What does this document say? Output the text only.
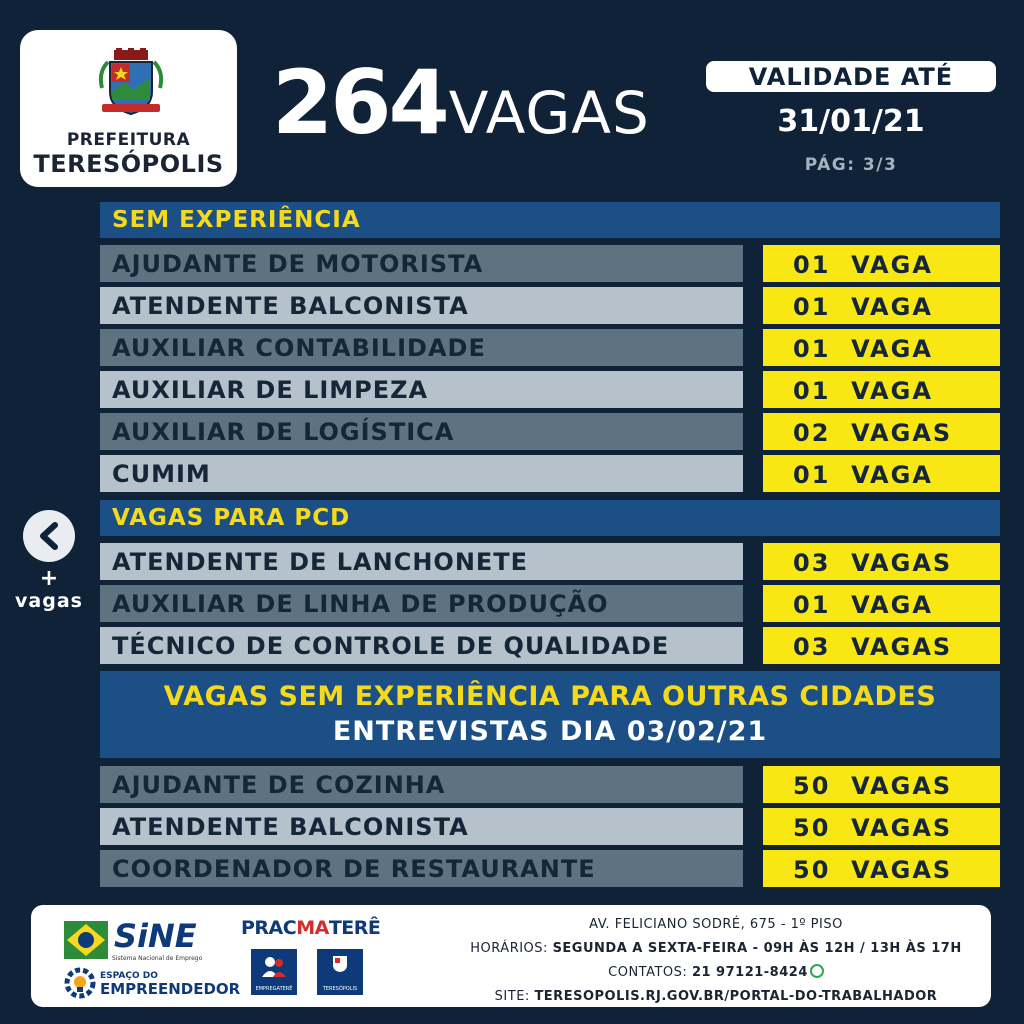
PREFEITURA
TERESÓPOLIS
264VAGAS
VALIDADE ATÉ
31/01/21
PÁG: 3/3
SEM EXPERIÊNCIA
AJUDANTE DE MOTORISTA	01  VAGA
ATENDENTE BALCONISTA	01  VAGA
AUXILIAR CONTABILIDADE	01  VAGA
AUXILIAR DE LIMPEZA	01  VAGA
AUXILIAR DE LOGÍSTICA	02  VAGAS
CUMIM	01  VAGA
VAGAS PARA PCD
ATENDENTE DE LANCHONETE	03  VAGAS
AUXILIAR DE LINHA DE PRODUÇÃO	01  VAGA
TÉCNICO DE CONTROLE DE QUALIDADE	03  VAGAS
VAGAS SEM EXPERIÊNCIA PARA OUTRAS CIDADES
ENTREVISTAS DIA 03/02/21
AJUDANTE DE COZINHA	50  VAGAS
ATENDENTE BALCONISTA	50  VAGAS
COORDENADOR DE RESTAURANTE	50  VAGAS
+
vagas
SiNE
Sistema Nacional de Emprego
ESPAÇO DO
EMPREENDEDOR
PRACMATERÊ
EMPREGATERÊ	TERESÓPOLIS
AV. FELICIANO SODRÉ, 675 - 1º PISO
HORÁRIOS: SEGUNDA A SEXTA-FEIRA - 09H ÀS 12H / 13H ÀS 17H
CONTATOS: 21 97121-8424
SITE: TERESOPOLIS.RJ.GOV.BR/PORTAL-DO-TRABALHADOR
